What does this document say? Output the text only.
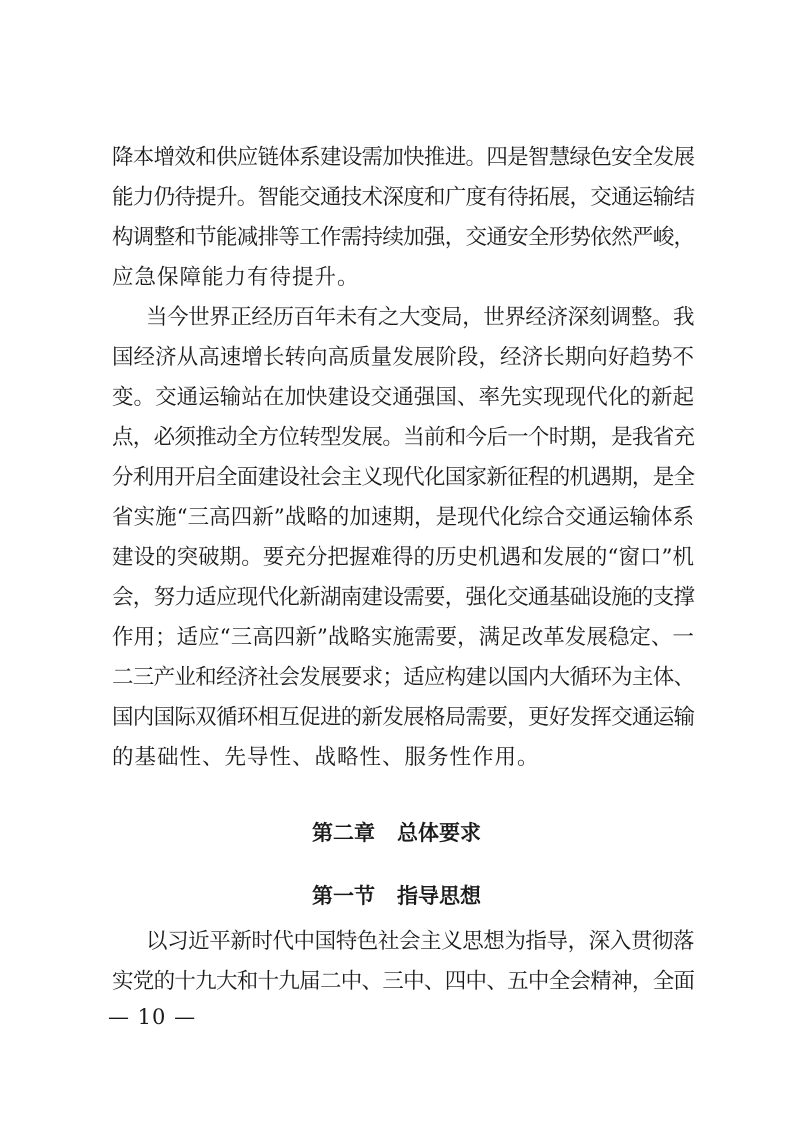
降本增效和供应链体系建设需加快推进。四是智慧绿色安全发展
能力仍待提升。智能交通技术深度和广度有待拓展，交通运输结
构调整和节能减排等工作需持续加强，交通安全形势依然严峻，
应急保障能力有待提升。
当今世界正经历百年未有之大变局，世界经济深刻调整。我
国经济从高速增长转向高质量发展阶段，经济长期向好趋势不
变。交通运输站在加快建设交通强国、率先实现现代化的新起
点，必须推动全方位转型发展。当前和今后一个时期，是我省充
分利用开启全面建设社会主义现代化国家新征程的机遇期，是全
省实施“三高四新”战略的加速期，是现代化综合交通运输体系
建设的突破期。要充分把握难得的历史机遇和发展的“窗口”机
会，努力适应现代化新湖南建设需要，强化交通基础设施的支撑
作用；适应“三高四新”战略实施需要，满足改革发展稳定、一
二三产业和经济社会发展要求；适应构建以国内大循环为主体、
国内国际双循环相互促进的新发展格局需要，更好发挥交通运输
的基础性、先导性、战略性、服务性作用。
第二章 总体要求
第一节 指导思想
以习近平新时代中国特色社会主义思想为指导，深入贯彻落
实党的十九大和十九届二中、三中、四中、五中全会精神，全面
— 10 —
